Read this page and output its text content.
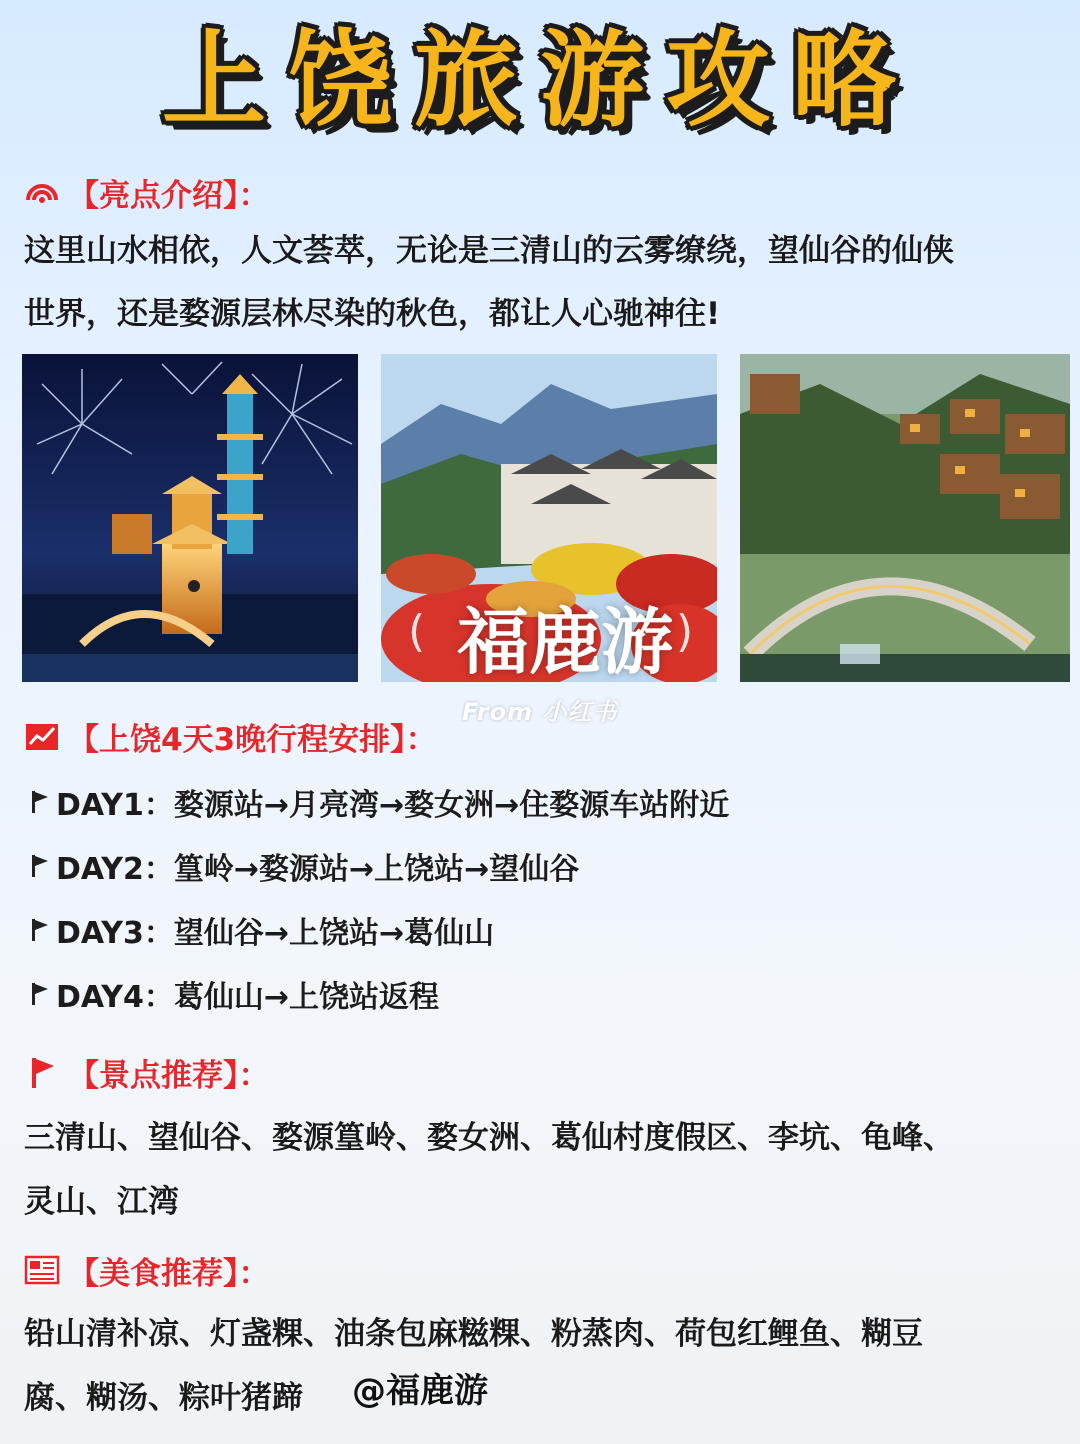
上饶旅游攻略
【亮点介绍】：
这里山水相依，人文荟萃，无论是三清山的云雾缭绕，望仙谷的仙侠
世界，还是婺源层林尽染的秋色，都让人心驰神往!
( 福鹿游 )
From 小红书
【上饶4天3晚行程安排】：
DAY1： 婺源站→月亮湾→婺女洲→住婺源车站附近
DAY2： 篁岭→婺源站→上饶站→望仙谷
DAY3： 望仙谷→上饶站→葛仙山
DAY4： 葛仙山→上饶站返程
【景点推荐】：
三清山、望仙谷、婺源篁岭、婺女洲、葛仙村度假区、李坑、龟峰、
灵山、江湾
【美食推荐】：
铅山清补凉、灯盏粿、油条包麻糍粿、粉蒸肉、荷包红鲤鱼、糊豆
腐、糊汤、粽叶猪蹄	@福鹿游
